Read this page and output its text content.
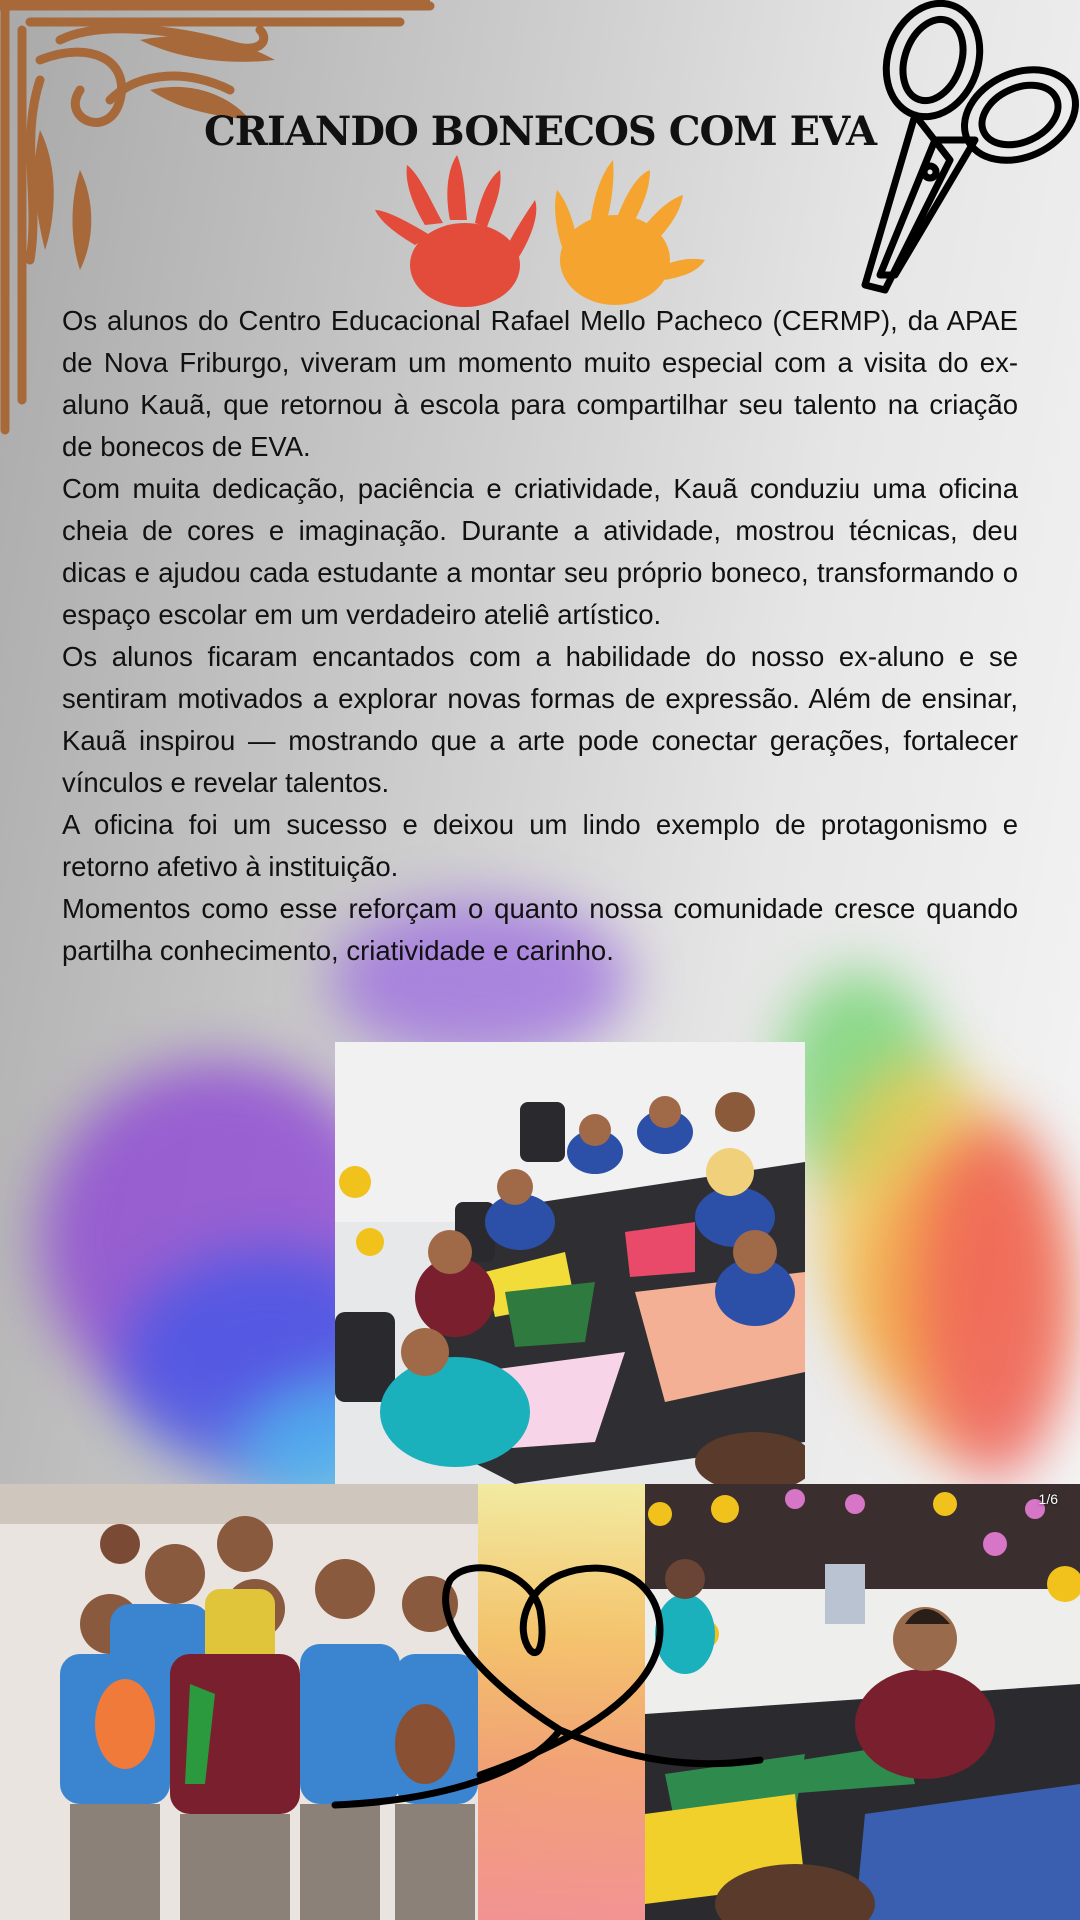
CRIANDO BONECOS COM EVA

Os alunos do Centro Educacional Rafael Mello Pacheco (CERMP), da APAE de Nova Friburgo, viveram um momento muito especial com a visita do ex-aluno Kauã, que retornou à escola para compartilhar seu talento na criação de bonecos de EVA.

Com muita dedicação, paciência e criatividade, Kauã conduziu uma oficina cheia de cores e imaginação. Durante a atividade, mostrou técnicas, deu dicas e ajudou cada estudante a montar seu próprio boneco, transformando o espaço escolar em um verdadeiro ateliê artístico.

Os alunos ficaram encantados com a habilidade do nosso ex-aluno e se sentiram motivados a explorar novas formas de expressão. Além de ensinar, Kauã inspirou — mostrando que a arte pode conectar gerações, fortalecer vínculos e revelar talentos.

A oficina foi um sucesso e deixou um lindo exemplo de protagonismo e retorno afetivo à instituição.

Momentos como esse reforçam o quanto nossa comunidade cresce quando partilha conhecimento, criatividade e carinho.

1/6
